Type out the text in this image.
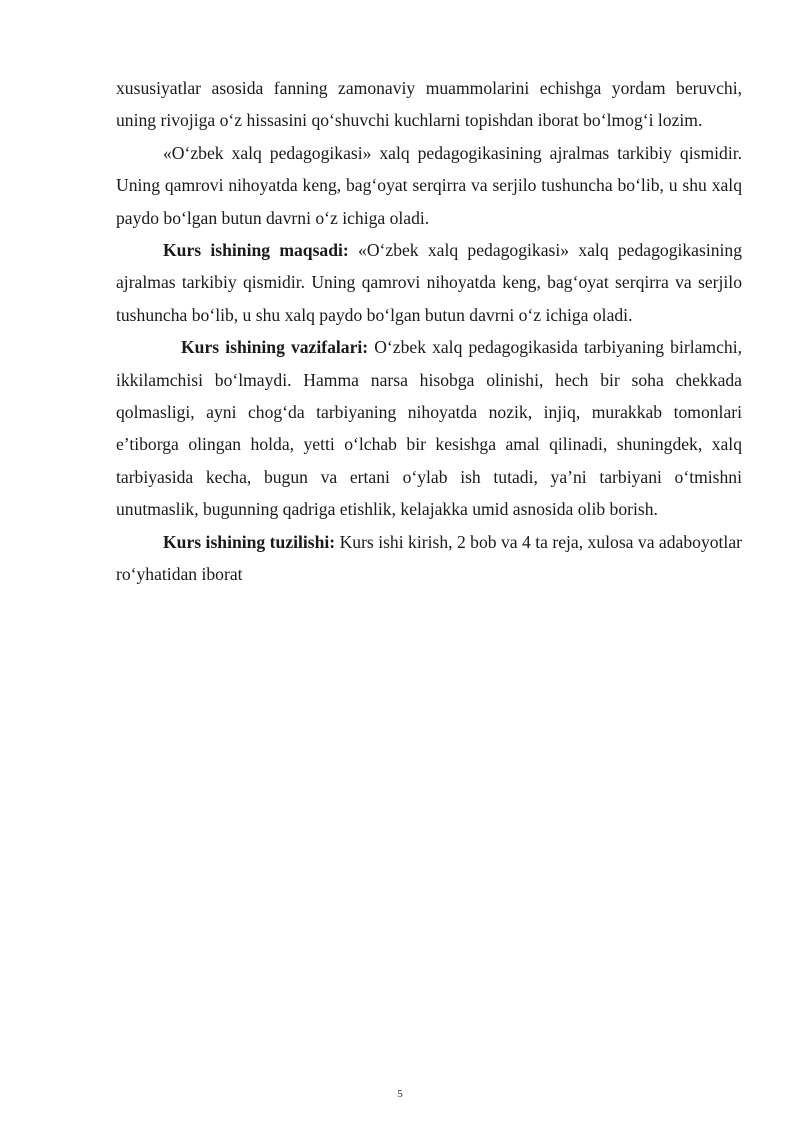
xususiyatlar asosida fanning zamonaviy muammolarini echishga yordam beruvchi, uning rivojiga o‘z hissasini qo‘shuvchi kuchlarni topishdan iborat bo‘lmog‘i lozim.

«O‘zbek xalq pedagogikasi» xalq pedagogikasining ajralmas tarkibiy qismidir. Uning qamrovi nihoyatda keng, bag‘oyat serqirra va serjilo tushuncha bo‘lib, u shu xalq paydo bo‘lgan butun davrni o‘z ichiga oladi.

Kurs ishining maqsadi: «O‘zbek xalq pedagogikasi» xalq pedagogikasining ajralmas tarkibiy qismidir. Uning qamrovi nihoyatda keng, bag‘oyat serqirra va serjilo tushuncha bo‘lib, u shu xalq paydo bo‘lgan butun davrni o‘z ichiga oladi.

Kurs ishining vazifalari: O‘zbek xalq pedagogikasida tarbiyaning birlamchi, ikkilamchisi bo‘lmaydi. Hamma narsa hisobga olinishi, hech bir soha chekkada qolmasligi, ayni chog‘da tarbiyaning nihoyatda nozik, injiq, murakkab tomonlari e’tiborga olingan holda, yetti o‘lchab bir kesishga amal qilinadi, shuningdek, xalq tarbiyasida kecha, bugun va ertani o‘ylab ish tutadi, ya’ni tarbiyani o‘tmishni unutmaslik, bugunning qadriga etishlik, kelajakka umid asnosida olib borish.

Kurs ishining tuzilishi: Kurs ishi kirish, 2 bob va 4 ta reja, xulosa va adaboyotlar ro‘yhatidan iborat

5
